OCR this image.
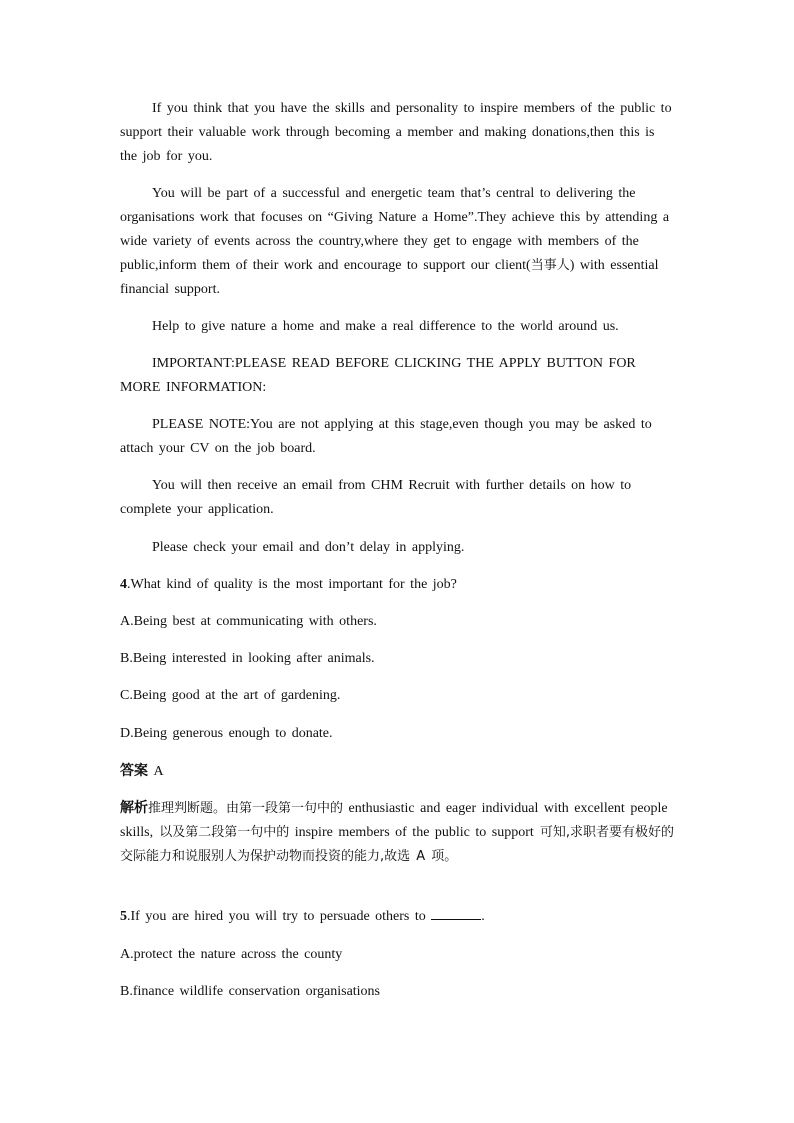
If you think that you have the skills and personality to inspire members of the public to support their valuable work through becoming a member and making donations,then this is the job for you.

You will be part of a successful and energetic team that’s central to delivering the organisations work that focuses on “Giving Nature a Home”.They achieve this by attending a wide variety of events across the country,where they get to engage with members of the public,inform them of their work and encourage to support our client(当事人) with essential financial support.

Help to give nature a home and make a real difference to the world around us.

IMPORTANT:PLEASE READ BEFORE CLICKING THE APPLY BUTTON FOR MORE INFORMATION:

PLEASE NOTE:You are not applying at this stage,even though you may be asked to attach your CV on the job board.

You will then receive an email from CHM Recruit with further details on how to complete your application.

Please check your email and don’t delay in applying.

4.What kind of quality is the most important for the job?

A.Being best at communicating with others.

B.Being interested in looking after animals.

C.Being good at the art of gardening.

D.Being generous enough to donate.

答案 A

解析推理判断题。由第一段第一句中的 enthusiastic and eager individual with excellent people skills, 以及第二段第一句中的 inspire members of the public to support 可知,求职者要有极好的交际能力和说服别人为保护动物而投资的能力,故选 A 项。

5.If you are hired you will try to persuade others to	.

A.protect the nature across the county

B.finance wildlife conservation organisations
